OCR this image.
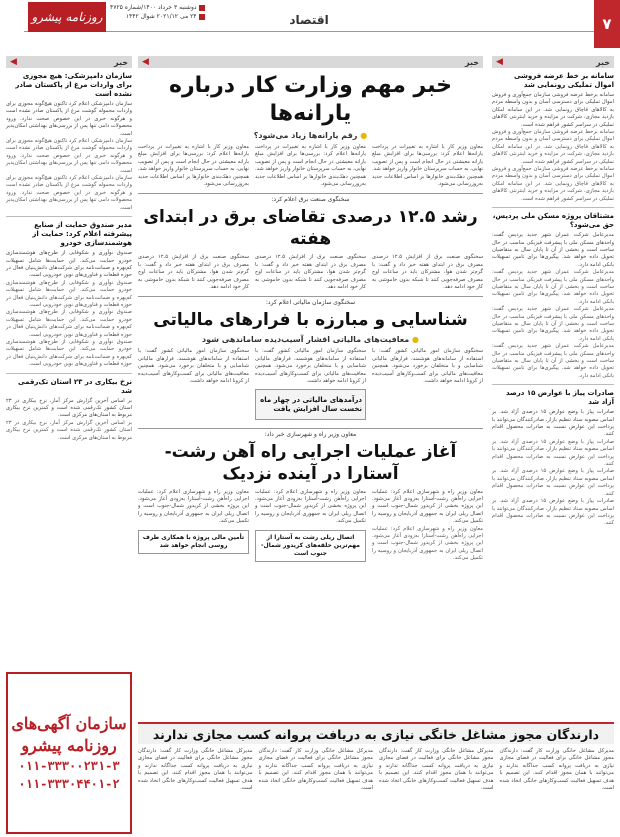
۷
اقتصاد
روزنامه پیشرو
دوشنبه ۳ خرداد ۱۴۰۰/شماره ۴۷۲۵
۲۴ می ۲۰۲۱/۱۲ شوال ۱۴۴۲
خبر
◀
سامانه بر خط عرضه فروشی اموال تملیکی رونمایی شد

سامانه برخط عرضه فروشی سازمان جمع‌آوری و فروش اموال تملیکی برای دسترسی آسان و بدون واسطه مردم به کالاهای قاچاق رونمایی شد. در این سامانه امکان بازدید مجازی، شرکت در مزایده و خرید اینترنتی کالاهای تملیکی در سراسر کشور فراهم شده است.

سامانه برخط عرضه فروشی سازمان جمع‌آوری و فروش اموال تملیکی برای دسترسی آسان و بدون واسطه مردم به کالاهای قاچاق رونمایی شد. در این سامانه امکان بازدید مجازی، شرکت در مزایده و خرید اینترنتی کالاهای تملیکی در سراسر کشور فراهم شده است.

سامانه برخط عرضه فروشی سازمان جمع‌آوری و فروش اموال تملیکی برای دسترسی آسان و بدون واسطه مردم به کالاهای قاچاق رونمایی شد. در این سامانه امکان بازدید مجازی، شرکت در مزایده و خرید اینترنتی کالاهای تملیکی در سراسر کشور فراهم شده است.

مشتاقان پروژه مسکن ملی پردیس، حق می‌شود؟

مدیرعامل شرکت عمران شهر جدید پردیس گفت: واحدهای مسکن ملی با پیشرفت فیزیکی مناسب در حال ساخت است و بخشی از آن تا پایان سال به متقاضیان تحویل داده خواهد شد. پیگیری‌ها برای تامین تسهیلات بانکی ادامه دارد.

مدیرعامل شرکت عمران شهر جدید پردیس گفت: واحدهای مسکن ملی با پیشرفت فیزیکی مناسب در حال ساخت است و بخشی از آن تا پایان سال به متقاضیان تحویل داده خواهد شد. پیگیری‌ها برای تامین تسهیلات بانکی ادامه دارد.

مدیرعامل شرکت عمران شهر جدید پردیس گفت: واحدهای مسکن ملی با پیشرفت فیزیکی مناسب در حال ساخت است و بخشی از آن تا پایان سال به متقاضیان تحویل داده خواهد شد. پیگیری‌ها برای تامین تسهیلات بانکی ادامه دارد.

مدیرعامل شرکت عمران شهر جدید پردیس گفت: واحدهای مسکن ملی با پیشرفت فیزیکی مناسب در حال ساخت است و بخشی از آن تا پایان سال به متقاضیان تحویل داده خواهد شد. پیگیری‌ها برای تامین تسهیلات بانکی ادامه دارد.

صادرات پیاز با عوارض ۱۵ درصد آزاد شد

صادرات پیاز با وضع عوارض ۱۵ درصدی آزاد شد. بر اساس مصوبه ستاد تنظیم بازار، صادرکنندگان می‌توانند با پرداخت این عوارض نسبت به صادرات محصول اقدام کنند.

صادرات پیاز با وضع عوارض ۱۵ درصدی آزاد شد. بر اساس مصوبه ستاد تنظیم بازار، صادرکنندگان می‌توانند با پرداخت این عوارض نسبت به صادرات محصول اقدام کنند.

صادرات پیاز با وضع عوارض ۱۵ درصدی آزاد شد. بر اساس مصوبه ستاد تنظیم بازار، صادرکنندگان می‌توانند با پرداخت این عوارض نسبت به صادرات محصول اقدام کنند.

صادرات پیاز با وضع عوارض ۱۵ درصدی آزاد شد. بر اساس مصوبه ستاد تنظیم بازار، صادرکنندگان می‌توانند با پرداخت این عوارض نسبت به صادرات محصول اقدام کنند.

خبر
◀
سازمان دامپزشکی: هیچ مجوزی برای واردات مرغ از پاکستان صادر نشده است

سازمان دامپزشکی اعلام کرد تاکنون هیچ‌گونه مجوزی برای واردات محموله گوشت مرغ از پاکستان صادر نشده است و هرگونه خبری در این خصوص صحت ندارد. ورود محصولات دامی تنها پس از بررسی‌های بهداشتی امکان‌پذیر است.

سازمان دامپزشکی اعلام کرد تاکنون هیچ‌گونه مجوزی برای واردات محموله گوشت مرغ از پاکستان صادر نشده است و هرگونه خبری در این خصوص صحت ندارد. ورود محصولات دامی تنها پس از بررسی‌های بهداشتی امکان‌پذیر است.

سازمان دامپزشکی اعلام کرد تاکنون هیچ‌گونه مجوزی برای واردات محموله گوشت مرغ از پاکستان صادر نشده است و هرگونه خبری در این خصوص صحت ندارد. ورود محصولات دامی تنها پس از بررسی‌های بهداشتی امکان‌پذیر است.

مدیر صندوق حمایت از صنایع پیشرفته اعلام کرد: حمایت از هوشمندسازی خودرو

صندوق نوآوری و شکوفایی از طرح‌های هوشمندسازی خودرو حمایت می‌کند. این حمایت‌ها شامل تسهیلات کم‌بهره و ضمانت‌نامه برای شرکت‌های دانش‌بنیان فعال در حوزه قطعات و فناوری‌های نوین خودرویی است.

صندوق نوآوری و شکوفایی از طرح‌های هوشمندسازی خودرو حمایت می‌کند. این حمایت‌ها شامل تسهیلات کم‌بهره و ضمانت‌نامه برای شرکت‌های دانش‌بنیان فعال در حوزه قطعات و فناوری‌های نوین خودرویی است.

صندوق نوآوری و شکوفایی از طرح‌های هوشمندسازی خودرو حمایت می‌کند. این حمایت‌ها شامل تسهیلات کم‌بهره و ضمانت‌نامه برای شرکت‌های دانش‌بنیان فعال در حوزه قطعات و فناوری‌های نوین خودرویی است.

صندوق نوآوری و شکوفایی از طرح‌های هوشمندسازی خودرو حمایت می‌کند. این حمایت‌ها شامل تسهیلات کم‌بهره و ضمانت‌نامه برای شرکت‌های دانش‌بنیان فعال در حوزه قطعات و فناوری‌های نوین خودرویی است.

نرخ بیکاری در ۲۳ استان تک‌رقمی شد

بر اساس آخرین گزارش مرکز آمار، نرخ بیکاری در ۲۳ استان کشور تک‌رقمی شده است و کمترین نرخ بیکاری مربوط به استان‌های مرکزی است.

بر اساس آخرین گزارش مرکز آمار، نرخ بیکاری در ۲۳ استان کشور تک‌رقمی شده است و کمترین نرخ بیکاری مربوط به استان‌های مرکزی است.

خبر
◀
خبر مهم وزارت کار درباره یارانه‌ها
● رقم یارانه‌ها زیاد می‌شود؟

معاون وزیر کار با اشاره به تغییرات در پرداخت یارانه‌ها اعلام کرد: بررسی‌ها برای افزایش مبلغ یارانه معیشتی در حال انجام است و پس از تصویب نهایی، به حساب سرپرستان خانوار واریز خواهد شد. همچنین دهک‌بندی خانوارها بر اساس اطلاعات جدید به‌روزرسانی می‌شود.

معاون وزیر کار با اشاره به تغییرات در پرداخت یارانه‌ها اعلام کرد: بررسی‌ها برای افزایش مبلغ یارانه معیشتی در حال انجام است و پس از تصویب نهایی، به حساب سرپرستان خانوار واریز خواهد شد. همچنین دهک‌بندی خانوارها بر اساس اطلاعات جدید به‌روزرسانی می‌شود.

معاون وزیر کار با اشاره به تغییرات در پرداخت یارانه‌ها اعلام کرد: بررسی‌ها برای افزایش مبلغ یارانه معیشتی در حال انجام است و پس از تصویب نهایی، به حساب سرپرستان خانوار واریز خواهد شد. همچنین دهک‌بندی خانوارها بر اساس اطلاعات جدید به‌روزرسانی می‌شود.

سخنگوی صنعت برق اعلام کرد:
رشد ۱۲.۵ درصدی تقاضای برق در ابتدای هفته

سخنگوی صنعت برق از افزایش ۱۲.۵ درصدی مصرف برق در ابتدای هفته خبر داد و گفت: با گرم‌تر شدن هوا، مشترکان باید در ساعات اوج مصرف صرفه‌جویی کنند تا شبکه بدون خاموشی به کار خود ادامه دهد.

سخنگوی صنعت برق از افزایش ۱۲.۵ درصدی مصرف برق در ابتدای هفته خبر داد و گفت: با گرم‌تر شدن هوا، مشترکان باید در ساعات اوج مصرف صرفه‌جویی کنند تا شبکه بدون خاموشی به کار خود ادامه دهد.

سخنگوی صنعت برق از افزایش ۱۲.۵ درصدی مصرف برق در ابتدای هفته خبر داد و گفت: با گرم‌تر شدن هوا، مشترکان باید در ساعات اوج مصرف صرفه‌جویی کنند تا شبکه بدون خاموشی به کار خود ادامه دهد.

سخنگوی سازمان مالیاتی اعلام کرد:
شناسایی و مبارزه با فرارهای مالیاتی
● معافیت‌های مالیاتی اقشار آسیب‌دیده ساماندهی شود

سخنگوی سازمان امور مالیاتی کشور گفت: با استفاده از سامانه‌های هوشمند، فرارهای مالیاتی شناسایی و با متخلفان برخورد می‌شود. همچنین معافیت‌های مالیاتی برای کسب‌وکارهای آسیب‌دیده از کرونا ادامه خواهد داشت.

سخنگوی سازمان امور مالیاتی کشور گفت: با استفاده از سامانه‌های هوشمند، فرارهای مالیاتی شناسایی و با متخلفان برخورد می‌شود. همچنین معافیت‌های مالیاتی برای کسب‌وکارهای آسیب‌دیده از کرونا ادامه خواهد داشت.

درآمدهای مالیاتی در چهار ماه نخست سال افزایش یافت

سخنگوی سازمان امور مالیاتی کشور گفت: با استفاده از سامانه‌های هوشمند، فرارهای مالیاتی شناسایی و با متخلفان برخورد می‌شود. همچنین معافیت‌های مالیاتی برای کسب‌وکارهای آسیب‌دیده از کرونا ادامه خواهد داشت.

معاون وزیر راه و شهرسازی خبر داد:
آغاز عملیات اجرایی راه آهن رشت- آستارا در آینده نزدیک

معاون وزیر راه و شهرسازی اعلام کرد: عملیات اجرایی راه‌آهن رشت-آستارا به‌زودی آغاز می‌شود. این پروژه بخشی از کریدور شمال-جنوب است و اتصال ریلی ایران به جمهوری آذربایجان و روسیه را تکمیل می‌کند.

معاون وزیر راه و شهرسازی اعلام کرد: عملیات اجرایی راه‌آهن رشت-آستارا به‌زودی آغاز می‌شود. این پروژه بخشی از کریدور شمال-جنوب است و اتصال ریلی ایران به جمهوری آذربایجان و روسیه را تکمیل می‌کند.

معاون وزیر راه و شهرسازی اعلام کرد: عملیات اجرایی راه‌آهن رشت-آستارا به‌زودی آغاز می‌شود. این پروژه بخشی از کریدور شمال-جنوب است و اتصال ریلی ایران به جمهوری آذربایجان و روسیه را تکمیل می‌کند.

اتصال ریلی رشت به آستارا از مهم‌ترین حلقه‌های کریدور شمال-جنوب است

معاون وزیر راه و شهرسازی اعلام کرد: عملیات اجرایی راه‌آهن رشت-آستارا به‌زودی آغاز می‌شود. این پروژه بخشی از کریدور شمال-جنوب است و اتصال ریلی ایران به جمهوری آذربایجان و روسیه را تکمیل می‌کند.

تأمین مالی پروژه با همکاری طرف روسی انجام خواهد شد
دارندگان مجوز مشاغل خانگی نیازی به دریافت پروانه کسب مجازی ندارند

مدیرکل مشاغل خانگی وزارت کار گفت: دارندگان مجوز مشاغل خانگی برای فعالیت در فضای مجازی نیازی به دریافت پروانه کسب جداگانه ندارند و می‌توانند با همان مجوز اقدام کنند. این تصمیم با هدف تسهیل فعالیت کسب‌وکارهای خانگی اتخاذ شده است.

مدیرکل مشاغل خانگی وزارت کار گفت: دارندگان مجوز مشاغل خانگی برای فعالیت در فضای مجازی نیازی به دریافت پروانه کسب جداگانه ندارند و می‌توانند با همان مجوز اقدام کنند. این تصمیم با هدف تسهیل فعالیت کسب‌وکارهای خانگی اتخاذ شده است.

مدیرکل مشاغل خانگی وزارت کار گفت: دارندگان مجوز مشاغل خانگی برای فعالیت در فضای مجازی نیازی به دریافت پروانه کسب جداگانه ندارند و می‌توانند با همان مجوز اقدام کنند. این تصمیم با هدف تسهیل فعالیت کسب‌وکارهای خانگی اتخاذ شده است.

مدیرکل مشاغل خانگی وزارت کار گفت: دارندگان مجوز مشاغل خانگی برای فعالیت در فضای مجازی نیازی به دریافت پروانه کسب جداگانه ندارند و می‌توانند با همان مجوز اقدام کنند. این تصمیم با هدف تسهیل فعالیت کسب‌وکارهای خانگی اتخاذ شده است.

سازمان آگهی‌های
روزنامه پیشرو
۰۱۱-۳۳۳۰۰۲۳۱-۳
۰۱۱-۳۳۳۰۴۴۰۱-۲
